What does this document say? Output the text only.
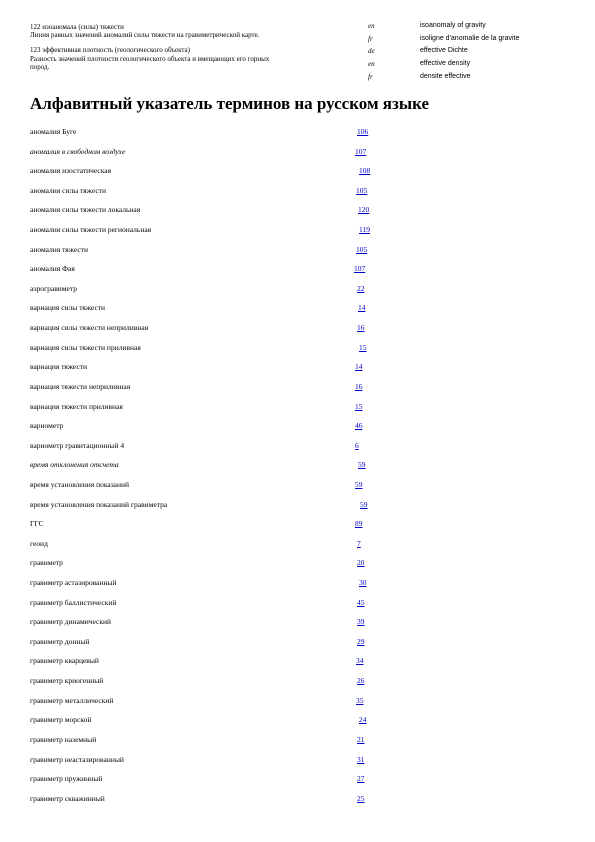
122 изоаномала (силы) тяжести
Линия равных значений аномалий силы тяжести на гравиметрической карте.
123 эффективная плотность (геологического объекта)
Разность значений плотности геологического объекта и вмещающих его горных
пород.
en	isoanomaly of gravity
fr	isoligne d'anomalie de la gravite
de	effective Dichte
en	effective density
fr	densite effective
Алфавитный указатель терминов на русском языке
аномалия Буге	106
аномалия в свободном воздухе	107
аномалия изостатическая	108
аномалия силы тяжести	105
аномалия силы тяжести локальная	120
аномалия силы тяжести региональная	119
аномалия тяжести	105
аномалия Фая	107
аэрогравиметр	22
вариация силы тяжести	14
вариация силы тяжести неприливная	16
вариация силы тяжести приливная	15
вариация тяжести	14
вариация тяжести неприливная	16
вариация тяжести приливная	15
вариометр	46
вариометр гравитационный 4	6
время отклонения отсчета	59
время установления показаний	59
время установления показаний гравиметра	59
ГГС	89
геоид	7
гравиметр	20
гравиметр астазированный	30
гравиметр баллистический	45
гравиметр динамический	39
гравиметр донный	29
гравиметр кварцевый	34
гравиметр криогенный	26
гравиметр металлический	35
гравиметр морской	24
гравиметр наземный	21
гравиметр неастазированный	31
гравиметр пружинный	27
гравиметр скважинный	25
